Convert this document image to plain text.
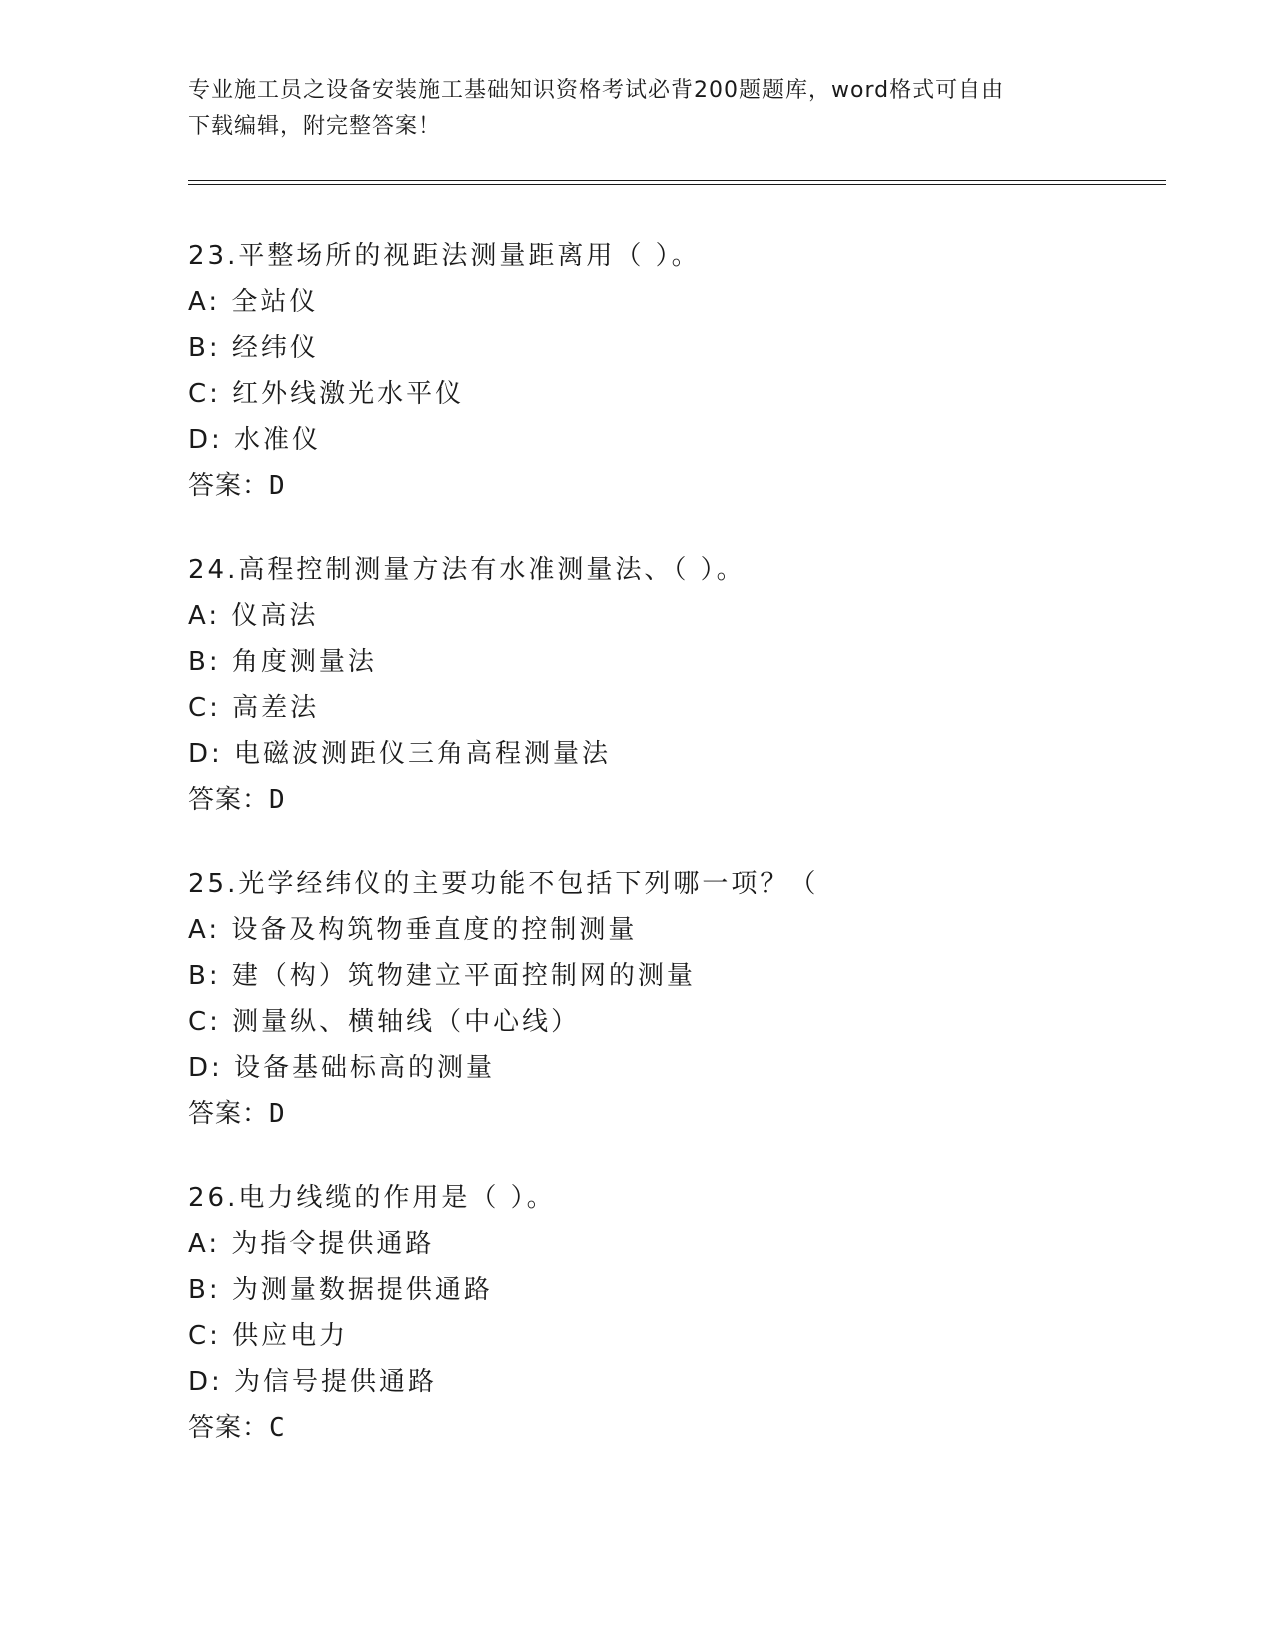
专业施工员之设备安装施工基础知识资格考试必背200题题库，word格式可自由
下载编辑，附完整答案！
23.平整场所的视距法测量距离用（ ）。
A: 全站仪
B: 经纬仪
C: 红外线激光水平仪
D: 水准仪
答案：D
24.高程控制测量方法有水准测量法、（ ）。
A: 仪高法
B: 角度测量法
C: 高差法
D: 电磁波测距仪三角高程测量法
答案：D
25.光学经纬仪的主要功能不包括下列哪一项？（
A: 设备及构筑物垂直度的控制测量
B: 建（构）筑物建立平面控制网的测量
C: 测量纵、横轴线（中心线）
D: 设备基础标高的测量
答案：D
26.电力线缆的作用是（ ）。
A: 为指令提供通路
B: 为测量数据提供通路
C: 供应电力
D: 为信号提供通路
答案：C
